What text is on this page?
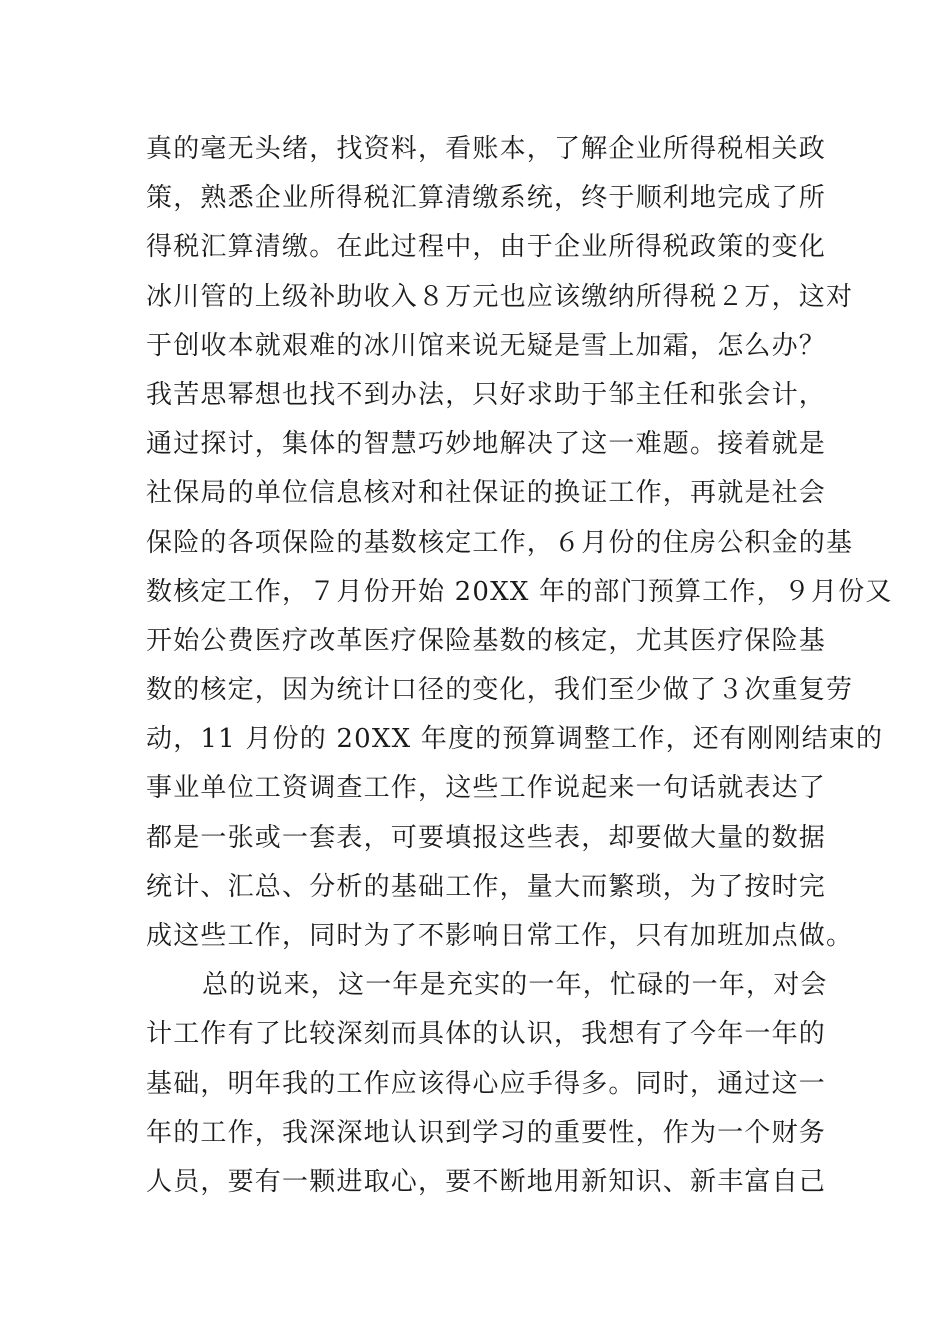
真的毫无头绪，找资料，看账本，了解企业所得税相关政
策，熟悉企业所得税汇算清缴系统，终于顺利地完成了所
得税汇算清缴。在此过程中，由于企业所得税政策的变化
冰川管的上级补助收入８万元也应该缴纳所得税２万，这对
于创收本就艰难的冰川馆来说无疑是雪上加霜，怎么办？
我苦思幂想也找不到办法，只好求助于邹主任和张会计，
通过探讨，集体的智慧巧妙地解决了这一难题。接着就是
社保局的单位信息核对和社保证的换证工作，再就是社会
保险的各项保险的基数核定工作，６月份的住房公积金的基
数核定工作，７月份开始 20XX 年的部门预算工作，９月份又
开始公费医疗改革医疗保险基数的核定，尤其医疗保险基
数的核定，因为统计口径的变化，我们至少做了３次重复劳
动，11 月份的 20XX 年度的预算调整工作，还有刚刚结束的
事业单位工资调查工作，这些工作说起来一句话就表达了
都是一张或一套表，可要填报这些表，却要做大量的数据
统计、汇总、分析的基础工作，量大而繁琐，为了按时完
成这些工作，同时为了不影响日常工作，只有加班加点做。
总的说来，这一年是充实的一年，忙碌的一年，对会
计工作有了比较深刻而具体的认识，我想有了今年一年的
基础，明年我的工作应该得心应手得多。同时，通过这一
年的工作，我深深地认识到学习的重要性，作为一个财务
人员，要有一颗进取心，要不断地用新知识、新丰富自己
